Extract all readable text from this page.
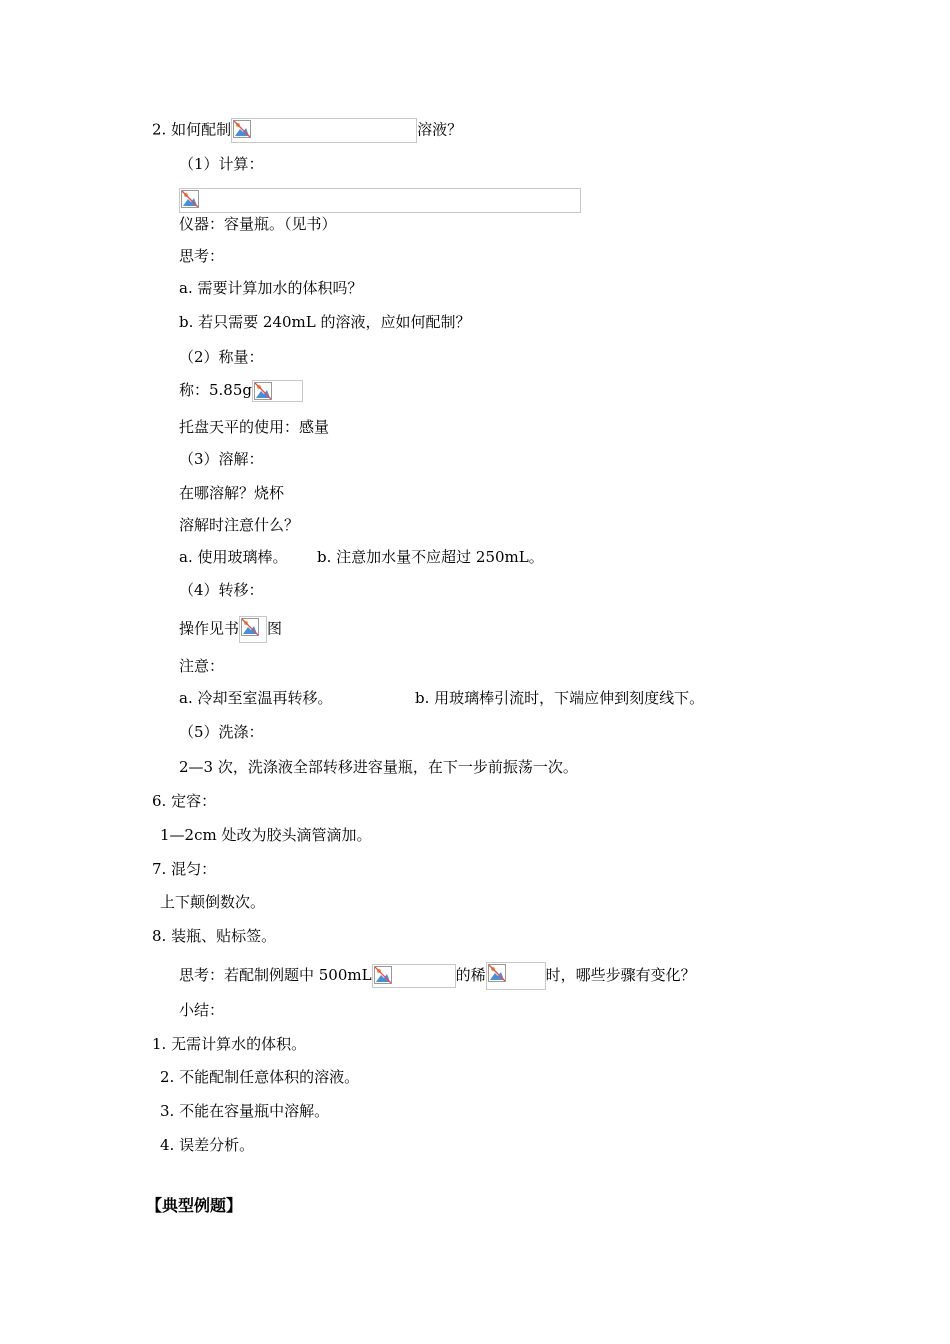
2. 如何配制	溶液？
（1）计算：
仪器：容量瓶。（见书）
思考：
a. 需要计算加水的体积吗？
b. 若只需要 240mL 的溶液，应如何配制？
（2）称量：
称：5.85g
托盘天平的使用：感量
（3）溶解：
在哪溶解？烧杯
溶解时注意什么？
a. 使用玻璃棒。 b. 注意加水量不应超过 250mL。
（4）转移：
操作见书 图
注意：
a. 冷却至室温再转移。	b. 用玻璃棒引流时，下端应伸到刻度线下。
（5）洗涤：
2—3 次，洗涤液全部转移进容量瓶，在下一步前振荡一次。
6. 定容：
1—2cm 处改为胶头滴管滴加。
7. 混匀：
上下颠倒数次。
8. 装瓶、贴标签。
思考：若配制例题中 500mL	的稀	时，哪些步骤有变化？
小结：
1. 无需计算水的体积。
2. 不能配制任意体积的溶液。
3. 不能在容量瓶中溶解。
4. 误差分析。
【典型例题】
